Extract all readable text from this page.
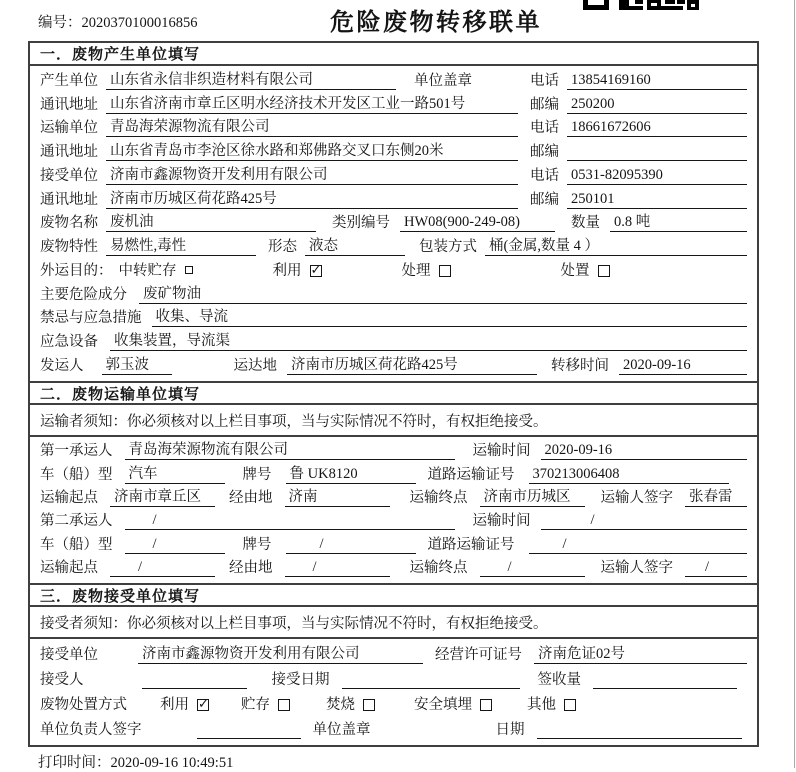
编号：2020370100016856	危险废物转移联单
一．废物产生单位填写
产生单位 山东省永信非织造材料有限公司	单位盖章	电话 13854169160
通讯地址 山东省济南市章丘区明水经济技术开发区工业一路501号	邮编 250200
运输单位 青岛海荣源物流有限公司	电话 18661672606
通讯地址 山东省青岛市李沧区徐水路和郑佛路交叉口东侧20米	邮编
接受单位 济南市鑫源物资开发利用有限公司	电话 0531-82095390
通讯地址 济南市历城区荷花路425号	邮编 250101
废物名称 废机油	类别编号 HW08(900-249-08)	数量 0.8 吨
废物特性 易燃性,毒性	形态 液态	包装方式 桶(金属,数量 4 ）
外运目的： 中转贮存	利用 ✓	处理	处置
主要危险成分 废矿物油
禁忌与应急措施 收集、导流
应急设备 收集装置，导流渠
发运人 郭玉波	运达地 济南市历城区荷花路425号	转移时间 2020-09-16
二．废物运输单位填写
运输者须知：你必须核对以上栏目事项，当与实际情况不符时，有权拒绝接受。
第一承运人 青岛海荣源物流有限公司	运输时间 2020-09-16
车（船）型 汽车	牌号 鲁 UK8120	道路运输证号 370213006408
运输起点 济南市章丘区	经由地 济南	运输终点 济南市历城区	运输人签字 张春雷
第二承运人	/	运输时间	/
车（船）型	/	牌号	/	道路运输证号	/
运输起点	/	经由地	/	运输终点	/	运输人签字	/
三．废物接受单位填写
接受者须知：你必须核对以上栏目事项，当与实际情况不符时，有权拒绝接受。
接受单位	济南市鑫源物资开发利用有限公司	经营许可证号 济南危证02号
接受人	接受日期	签收量
废物处置方式 利用 ✓	贮存	焚烧	安全填埋	其他
单位负责人签字	单位盖章	日期
打印时间：2020-09-16 10:49:51
